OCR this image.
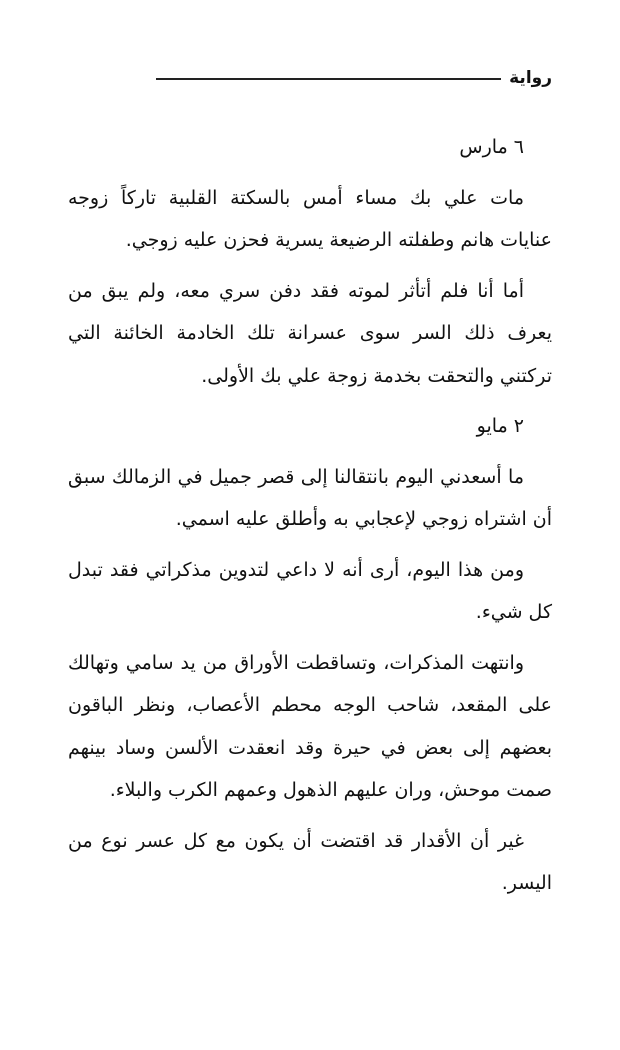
رواية

٦ مارس

مات علي بك مساء أمس بالسكتة القلبية تاركاً زوجه عنايات هانم وطفلته الرضيعة يسرية فحزن عليه زوجي.

أما أنا فلم أتأثر لموته فقد دفن سري معه، ولم يبق من يعرف ذلك السر سوى عسرانة تلك الخادمة الخائنة التي تركتني والتحقت بخدمة زوجة علي بك الأولى.

٢ مايو

ما أسعدني اليوم بانتقالنا إلى قصر جميل في الزمالك سبق أن اشتراه زوجي لإعجابي به وأطلق عليه اسمي.

ومن هذا اليوم، أرى أنه لا داعي لتدوين مذكراتي فقد تبدل كل شيء.

وانتهت المذكرات، وتساقطت الأوراق من يد سامي وتهالك على المقعد، شاحب الوجه محطم الأعصاب، ونظر الباقون بعضهم إلى بعض في حيرة وقد انعقدت الألسن وساد بينهم صمت موحش، وران عليهم الذهول وعمهم الكرب والبلاء.

غير أن الأقدار قد اقتضت أن يكون مع كل عسر نوع من اليسر.
